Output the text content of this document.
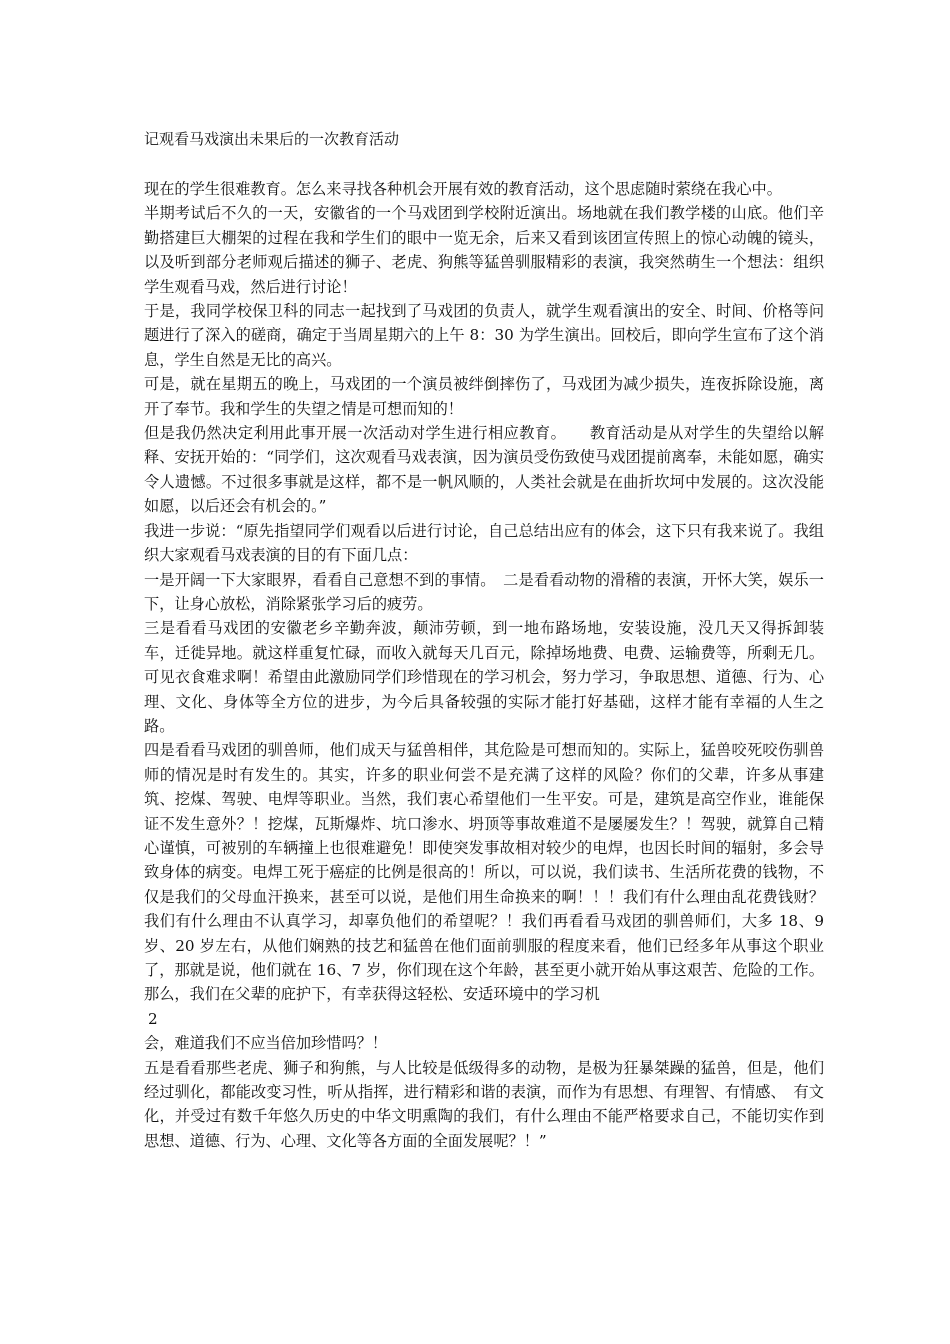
记观看马戏演出未果后的一次教育活动

现在的学生很难教育。怎么来寻找各种机会开展有效的教育活动，这个思虑随时萦绕在我心中。

半期考试后不久的一天，安徽省的一个马戏团到学校附近演出。场地就在我们教学楼的山底。他们辛勤搭建巨大棚架的过程在我和学生们的眼中一览无余，后来又看到该团宣传照上的惊心动魄的镜头，以及听到部分老师观后描述的狮子、老虎、狗熊等猛兽驯服精彩的表演，我突然萌生一个想法：组织学生观看马戏，然后进行讨论！

于是，我同学校保卫科的同志一起找到了马戏团的负责人，就学生观看演出的安全、时间、价格等问题进行了深入的磋商，确定于当周星期六的上午 8：30 为学生演出。回校后，即向学生宣布了这个消息，学生自然是无比的高兴。

可是，就在星期五的晚上，马戏团的一个演员被绊倒摔伤了，马戏团为减少损失，连夜拆除设施，离开了奉节。我和学生的失望之情是可想而知的！

但是我仍然决定利用此事开展一次活动对学生进行相应教育。　　教育活动是从对学生的失望给以解释、安抚开始的：“同学们，这次观看马戏表演，因为演员受伤致使马戏团提前离奉，未能如愿，确实令人遗憾。不过很多事就是这样，都不是一帆风顺的，人类社会就是在曲折坎坷中发展的。这次没能如愿，以后还会有机会的。”

我进一步说：“原先指望同学们观看以后进行讨论，自己总结出应有的体会，这下只有我来说了。我组织大家观看马戏表演的目的有下面几点：

一是开阔一下大家眼界，看看自己意想不到的事情。　二是看看动物的滑稽的表演，开怀大笑，娱乐一下，让身心放松，消除紧张学习后的疲劳。

三是看看马戏团的安徽老乡辛勤奔波，颠沛劳顿，到一地布路场地，安装设施，没几天又得拆卸装车，迁徙异地。就这样重复忙碌，而收入就每天几百元，除掉场地费、电费、运输费等，所剩无几。可见衣食难求啊！希望由此激励同学们珍惜现在的学习机会，努力学习，争取思想、道德、行为、心理、文化、身体等全方位的进步，为今后具备较强的实际才能打好基础，这样才能有幸福的人生之路。

四是看看马戏团的驯兽师，他们成天与猛兽相伴，其危险是可想而知的。实际上，猛兽咬死咬伤驯兽师的情况是时有发生的。其实，许多的职业何尝不是充满了这样的风险？你们的父辈，许多从事建筑、挖煤、驾驶、电焊等职业。当然，我们衷心希望他们一生平安。可是，建筑是高空作业，谁能保证不发生意外？！挖煤，瓦斯爆炸、坑口渗水、坍顶等事故难道不是屡屡发生？！驾驶，就算自己精心谨慎，可被别的车辆撞上也很难避免！即使突发事故相对较少的电焊，也因长时间的辐射，多会导致身体的病变。电焊工死于癌症的比例是很高的！所以，可以说，我们读书、生活所花费的钱物，不仅是我们的父母血汗换来，甚至可以说，是他们用生命换来的啊！！！我们有什么理由乱花费钱财？我们有什么理由不认真学习，却辜负他们的希望呢？！我们再看看马戏团的驯兽师们，大多 18、9 岁、20 岁左右，从他们娴熟的技艺和猛兽在他们面前驯服的程度来看，他们已经多年从事这个职业了，那就是说，他们就在 16、7 岁，你们现在这个年龄，甚至更小就开始从事这艰苦、危险的工作。那么，我们在父辈的庇护下，有幸获得这轻松、安适环境中的学习机

2

会，难道我们不应当倍加珍惜吗？！

五是看看那些老虎、狮子和狗熊，与人比较是低级得多的动物，是极为狂暴桀躁的猛兽，但是，他们经过驯化，都能改变习性，听从指挥，进行精彩和谐的表演，而作为有思想、有理智、有情感、　有文化，并受过有数千年悠久历史的中华文明熏陶的我们，有什么理由不能严格要求自己，不能切实作到思想、道德、行为、心理、文化等各方面的全面发展呢？！”
